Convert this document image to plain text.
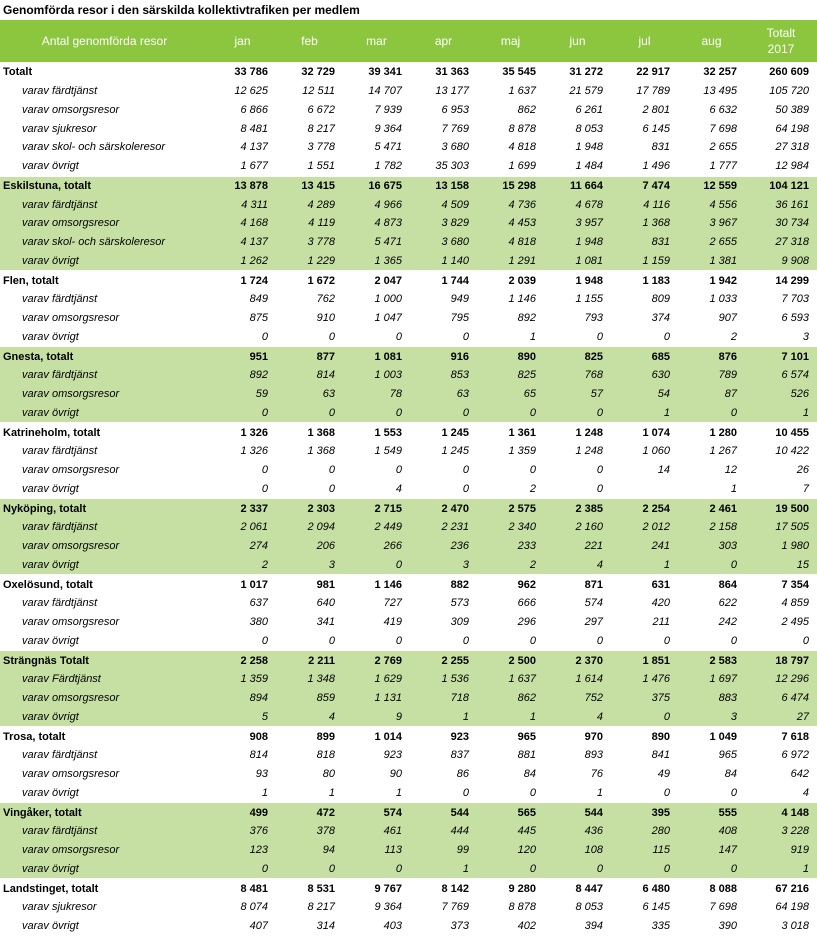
Genomförda resor i den särskilda kollektivtrafiken per medlem
Antal genomförda resor	jan	feb	mar	apr	maj	jun	jul	aug	Totalt
2017
Totalt	33 786	32 729	39 341	31 363	35 545	31 272	22 917	32 257	260 609
varav färdtjänst	12 625	12 511	14 707	13 177	1 637	21 579	17 789	13 495	105 720
varav omsorgsresor	6 866	6 672	7 939	6 953	862	6 261	2 801	6 632	50 389
varav sjukresor	8 481	8 217	9 364	7 769	8 878	8 053	6 145	7 698	64 198
varav skol- och särskoleresor	4 137	3 778	5 471	3 680	4 818	1 948	831	2 655	27 318
varav övrigt	1 677	1 551	1 782	35 303	1 699	1 484	1 496	1 777	12 984
Eskilstuna, totalt	13 878	13 415	16 675	13 158	15 298	11 664	7 474	12 559	104 121
varav färdtjänst	4 311	4 289	4 966	4 509	4 736	4 678	4 116	4 556	36 161
varav omsorgsresor	4 168	4 119	4 873	3 829	4 453	3 957	1 368	3 967	30 734
varav skol- och särskoleresor	4 137	3 778	5 471	3 680	4 818	1 948	831	2 655	27 318
varav övrigt	1 262	1 229	1 365	1 140	1 291	1 081	1 159	1 381	9 908
Flen, totalt	1 724	1 672	2 047	1 744	2 039	1 948	1 183	1 942	14 299
varav färdtjänst	849	762	1 000	949	1 146	1 155	809	1 033	7 703
varav omsorgsresor	875	910	1 047	795	892	793	374	907	6 593
varav övrigt	0	0	0	0	1	0	0	2	3
Gnesta, totalt	951	877	1 081	916	890	825	685	876	7 101
varav färdtjänst	892	814	1 003	853	825	768	630	789	6 574
varav omsorgsresor	59	63	78	63	65	57	54	87	526
varav övrigt	0	0	0	0	0	0	1	0	1
Katrineholm, totalt	1 326	1 368	1 553	1 245	1 361	1 248	1 074	1 280	10 455
varav färdtjänst	1 326	1 368	1 549	1 245	1 359	1 248	1 060	1 267	10 422
varav omsorgsresor	0	0	0	0	0	0	14	12	26
varav övrigt	0	0	4	0	2	0		1	7
Nyköping, totalt	2 337	2 303	2 715	2 470	2 575	2 385	2 254	2 461	19 500
varav färdtjänst	2 061	2 094	2 449	2 231	2 340	2 160	2 012	2 158	17 505
varav omsorgsresor	274	206	266	236	233	221	241	303	1 980
varav övrigt	2	3	0	3	2	4	1	0	15
Oxelösund, totalt	1 017	981	1 146	882	962	871	631	864	7 354
varav färdtjänst	637	640	727	573	666	574	420	622	4 859
varav omsorgsresor	380	341	419	309	296	297	211	242	2 495
varav övrigt	0	0	0	0	0	0	0	0	0
Strängnäs Totalt	2 258	2 211	2 769	2 255	2 500	2 370	1 851	2 583	18 797
varav Färdtjänst	1 359	1 348	1 629	1 536	1 637	1 614	1 476	1 697	12 296
varav omsorgsresor	894	859	1 131	718	862	752	375	883	6 474
varav övrigt	5	4	9	1	1	4	0	3	27
Trosa, totalt	908	899	1 014	923	965	970	890	1 049	7 618
varav färdtjänst	814	818	923	837	881	893	841	965	6 972
varav omsorgsresor	93	80	90	86	84	76	49	84	642
varav övrigt	1	1	1	0	0	1	0	0	4
Vingåker, totalt	499	472	574	544	565	544	395	555	4 148
varav färdtjänst	376	378	461	444	445	436	280	408	3 228
varav omsorgsresor	123	94	113	99	120	108	115	147	919
varav övrigt	0	0	0	1	0	0	0	0	1
Landstinget, totalt	8 481	8 531	9 767	8 142	9 280	8 447	6 480	8 088	67 216
varav sjukresor	8 074	8 217	9 364	7 769	8 878	8 053	6 145	7 698	64 198
varav övrigt	407	314	403	373	402	394	335	390	3 018
